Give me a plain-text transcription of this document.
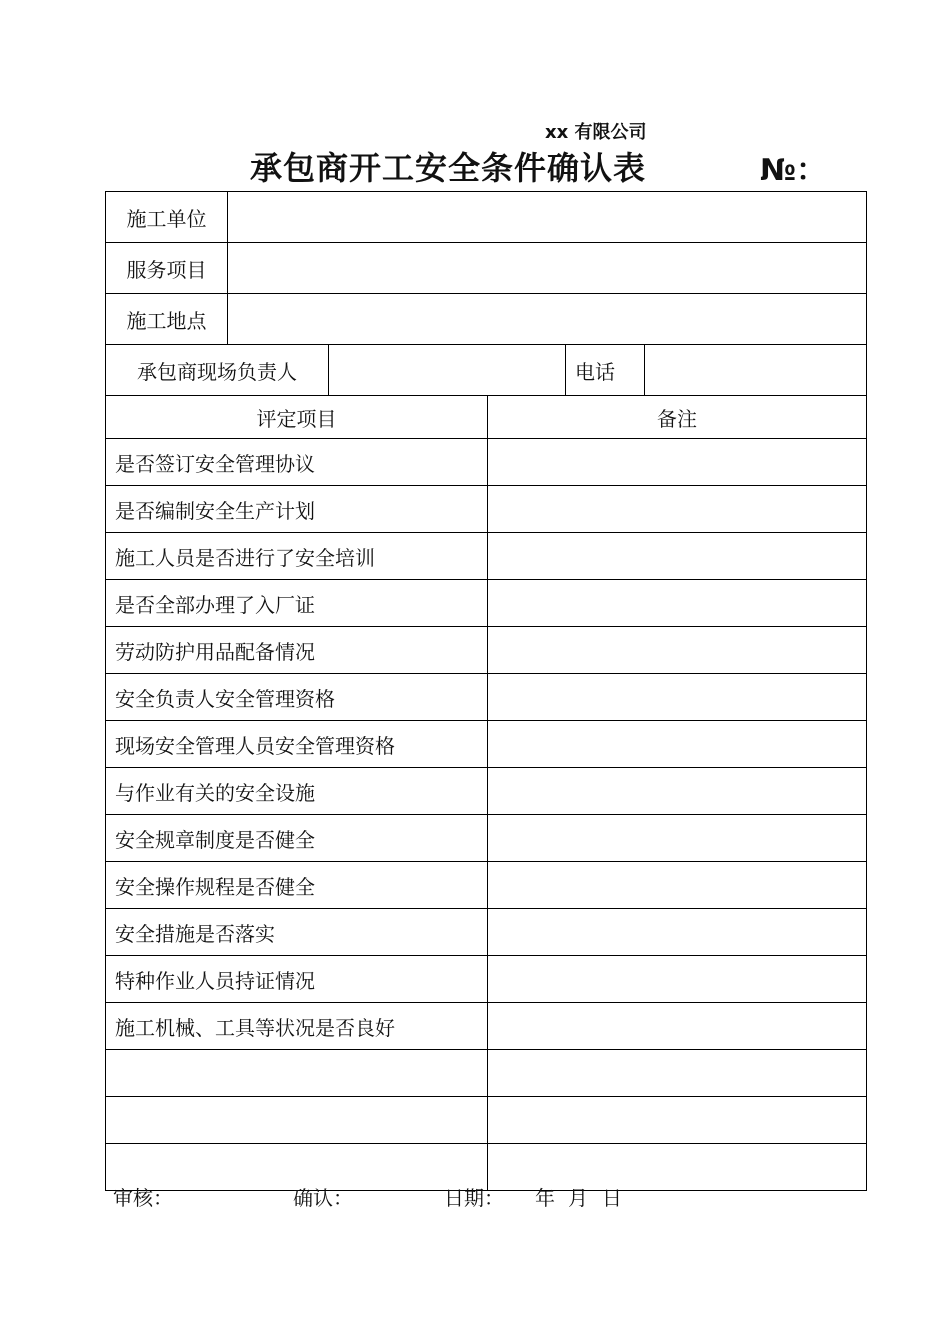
xx 有限公司
承包商开工安全条件确认表	№：
施工单位
服务项目
施工地点
承包商现场负责人	电话
评定项目	备注
是否签订安全管理协议
是否编制安全生产计划
施工人员是否进行了安全培训
是否全部办理了入厂证
劳动防护用品配备情况
安全负责人安全管理资格
现场安全管理人员安全管理资格
与作业有关的安全设施
安全规章制度是否健全
安全操作规程是否健全
安全措施是否落实
特种作业人员持证情况
施工机械、工具等状况是否良好
审核：	确认：	日期： 年 月 日
